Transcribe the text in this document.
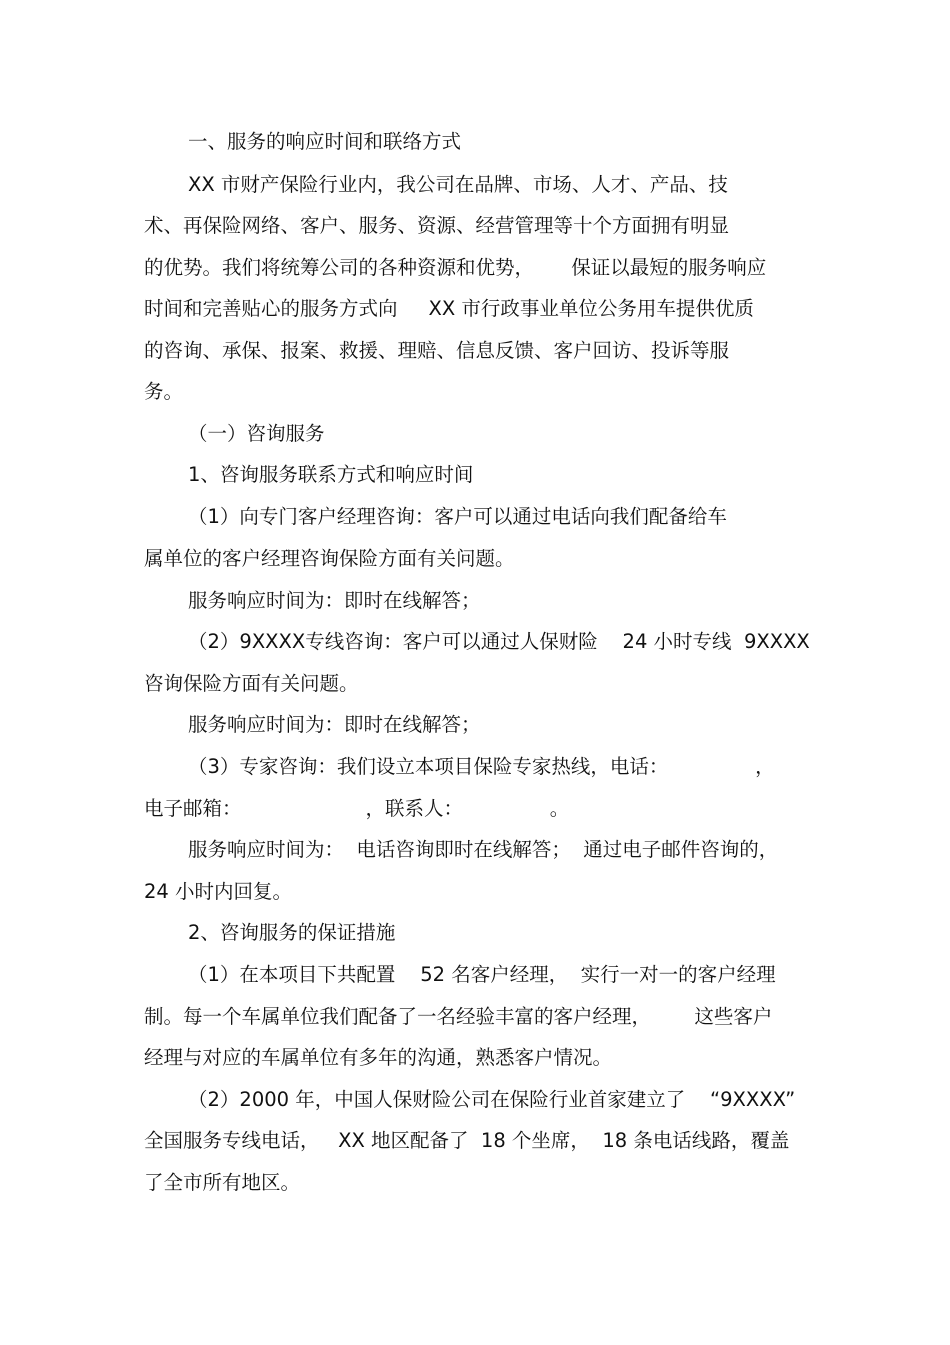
一、服务的响应时间和联络方式
XX 市财产保险行业内，我公司在品牌、市场、人才、产品、技
术、再保险网络、客户、服务、资源、经营管理等十个方面拥有明显
的优势。我们将统筹公司的各种资源和优势，      保证以最短的服务响应
时间和完善贴心的服务方式向     XX 市行政事业单位公务用车提供优质
的咨询、承保、报案、救援、理赔、信息反馈、客户回访、投诉等服
务。
（一）咨询服务
1、咨询服务联系方式和响应时间
（1）向专门客户经理咨询：客户可以通过电话向我们配备给车
属单位的客户经理咨询保险方面有关问题。
服务响应时间为：即时在线解答；
（2）9XXXX专线咨询：客户可以通过人保财险    24 小时专线  9XXXX
咨询保险方面有关问题。
服务响应时间为：即时在线解答；
（3）专家咨询：我们设立本项目保险专家热线，电话：              ，
电子邮箱：                    ，联系人：              。
服务响应时间为：  电话咨询即时在线解答；  通过电子邮件咨询的，
24 小时内回复。
2、咨询服务的保证措施
（1）在本项目下共配置    52 名客户经理，  实行一对一的客户经理
制。每一个车属单位我们配备了一名经验丰富的客户经理，       这些客户
经理与对应的车属单位有多年的沟通，熟悉客户情况。
（2）2000 年，中国人保财险公司在保险行业首家建立了    “9XXXX”
全国服务专线电话，   XX 地区配备了  18 个坐席，  18 条电话线路，覆盖
了全市所有地区。
